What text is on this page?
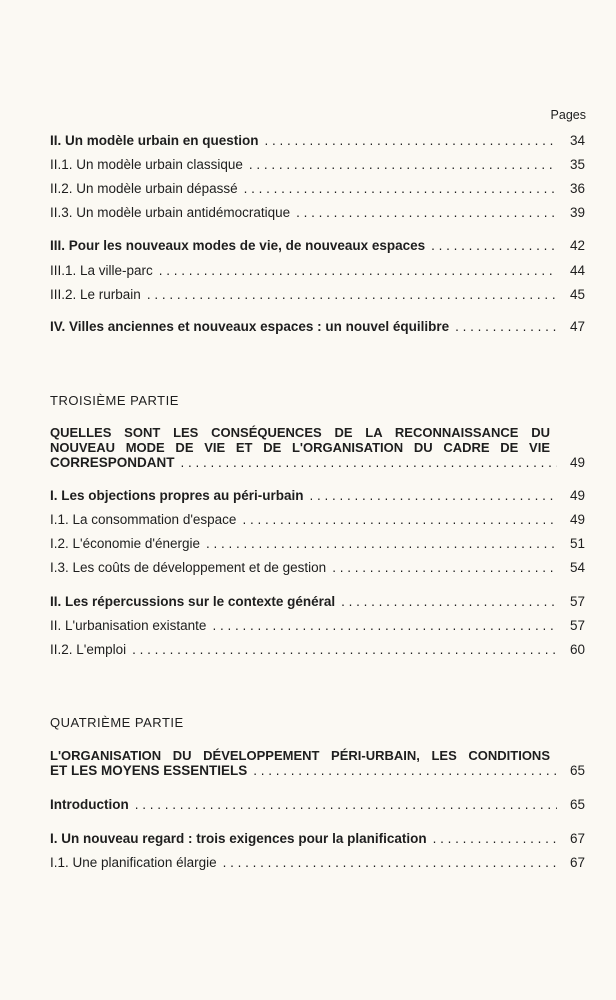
Pages
II. Un modèle urbain en question . . .	34
II.1. Un modèle urbain classique . . .	35
II.2. Un modèle urbain dépassé . . .	36
II.3. Un modèle urbain antidémocratique . . .	39
III. Pour les nouveaux modes de vie, de nouveaux espaces . . .	42
III.1. La ville-parc . . .	44
III.2. Le rurbain . . .	45
IV. Villes anciennes et nouveaux espaces : un nouvel équilibre . . .	47
TROISIÈME PARTIE
QUELLES SONT LES CONSÉQUENCES DE LA RECONNAISSANCE DU
NOUVEAU MODE DE VIE ET DE L'ORGANISATION DU CADRE DE VIE
CORRESPONDANT . . .	49
I. Les objections propres au péri-urbain . . .	49
I.1. La consommation d'espace . . .	49
I.2. L'économie d'énergie . . .	51
I.3. Les coûts de développement et de gestion . . .	54
II. Les répercussions sur le contexte général . . .	57
II. L'urbanisation existante . . .	57
II.2. L'emploi . . .	60
QUATRIÈME PARTIE
L'ORGANISATION DU DÉVELOPPEMENT PÉRI-URBAIN, LES CONDITIONS
ET LES MOYENS ESSENTIELS . . .	65
Introduction . . .	65
I. Un nouveau regard : trois exigences pour la planification . . .	67
I.1. Une planification élargie . . .	67
